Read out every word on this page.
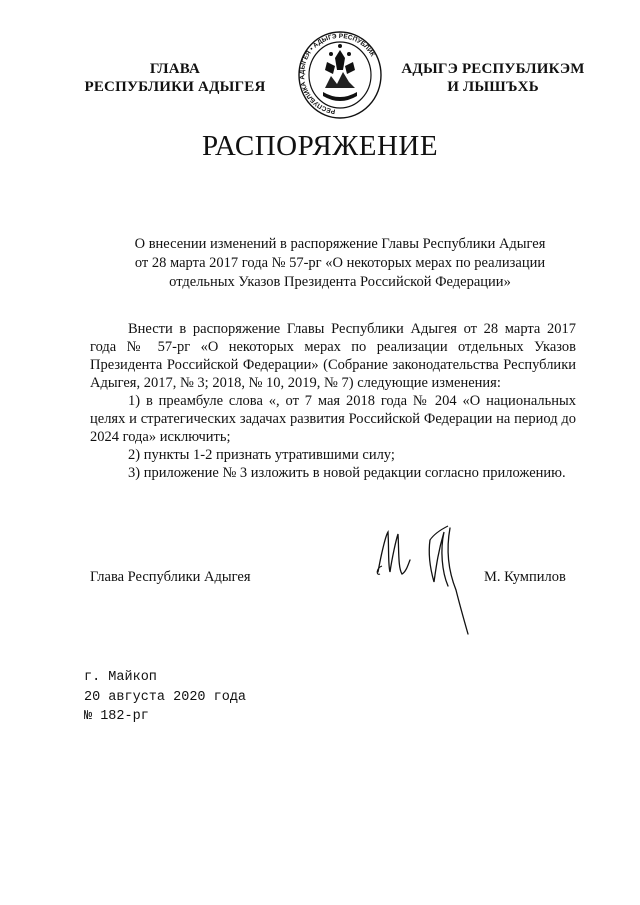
ГЛАВА
РЕСПУБЛИКИ АДЫГЕЯ
РЕСПУБЛИКА АДЫГЕЯ • АДЫГЭ РЕСПУБЛИК
АДЫГЭ РЕСПУБЛИКЭМ
И ЛЫШЪХЬ
РАСПОРЯЖЕНИЕ
О внесении изменений в распоряжение Главы Республики Адыгея
от 28 марта 2017 года № 57-рг «О некоторых мерах по реализации
отдельных Указов Президента Российской Федерации»

Внести в распоряжение Главы Республики Адыгея от 28 марта 2017 года № 57-рг «О некоторых мерах по реализации отдельных Указов Президента Российской Федерации» (Собрание законодательства Республики Адыгея, 2017, № 3; 2018, № 10, 2019, № 7) следующие изменения:

1) в преамбуле слова «, от 7 мая 2018 года № 204 «О национальных целях и стратегических задачах развития Российской Федерации на период до 2024 года» исключить;

2) пункты 1-2 признать утратившими силу;

3) приложение № 3 изложить в новой редакции согласно приложению.

Глава Республики Адыгея	М. Кумпилов
г. Майкоп
20 августа 2020 года
№ 182-рг
